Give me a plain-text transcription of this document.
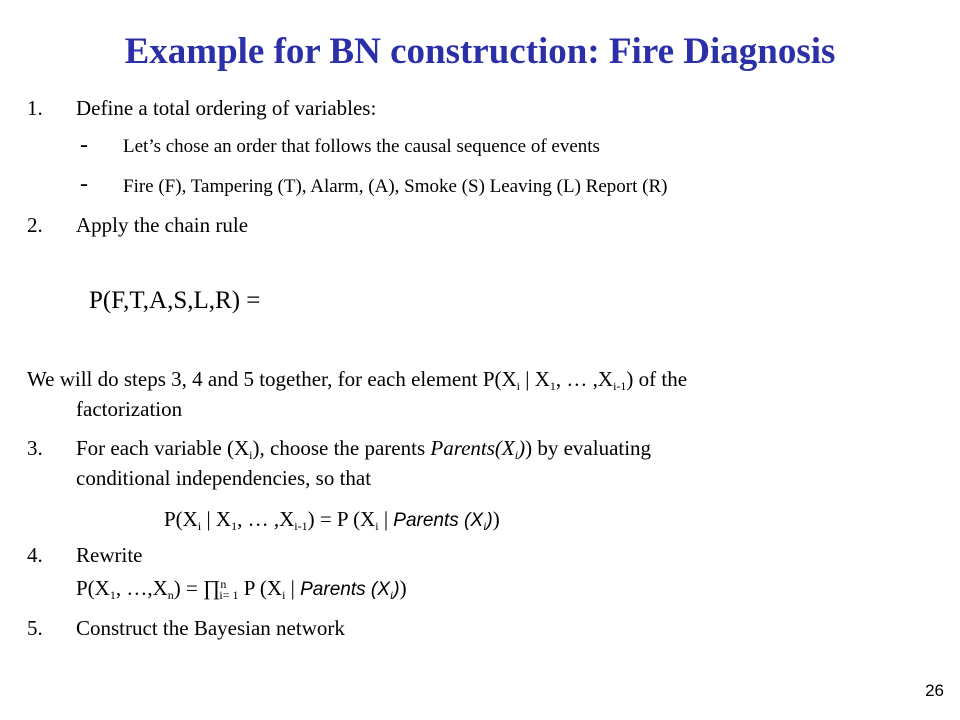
Example for BN construction: Fire Diagnosis
1. Define a total ordering of variables:
- Let’s chose an order that follows the causal sequence of events
- Fire (F), Tampering (T), Alarm, (A), Smoke (S) Leaving (L) Report (R)
2. Apply the chain rule
P(F,T,A,S,L,R) =
We will do steps 3, 4 and 5 together, for each element $P(X_i$ | $X_1$, … $,X_{i-1}$) of the
factorization
3. For each variable $(X_i)$, choose the parents $Parents(X_i)$) by evaluating
conditional independencies, so that
$P(X_i$ | $X_1$, … $,X_{i-1}) = P$ ($X_i$ | Parents $(X_i)$)
4. Rewrite
$P(X_1$, $\dots,X_n$) = ∏$^n_{i= 1}$ P ($X_i$ | Parents $(X_i)$)
5. Construct the Bayesian network
26
